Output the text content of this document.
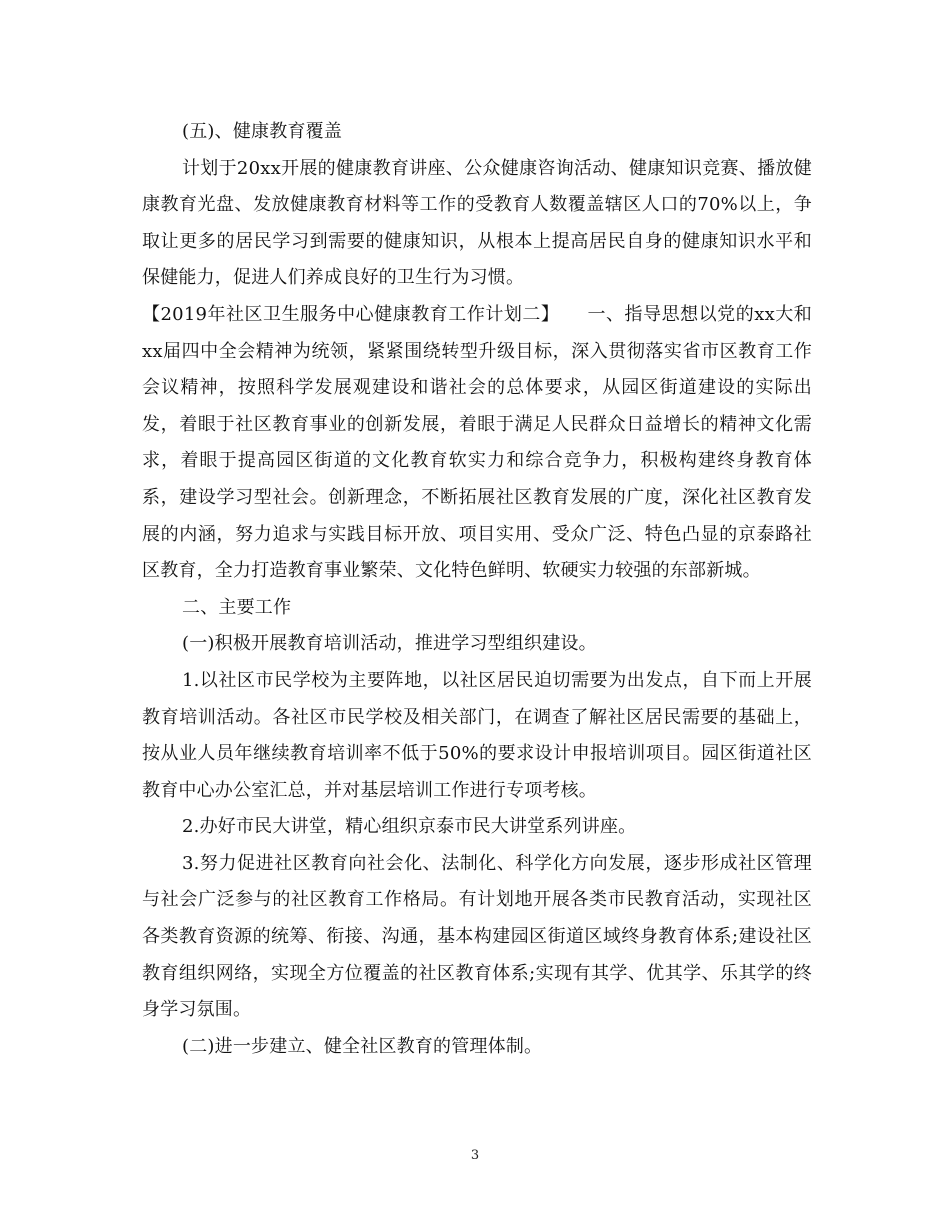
(五)、健康教育覆盖

计划于20xx开展的健康教育讲座、公众健康咨询活动、健康知识竞赛、播放健康教育光盘、发放健康教育材料等工作的受教育人数覆盖辖区人口的70%以上，争取让更多的居民学习到需要的健康知识，从根本上提高居民自身的健康知识水平和保健能力，促进人们养成良好的卫生行为习惯。

【2019年社区卫生服务中心健康教育工作计划二】　　一、指导思想以党的xx大和xx届四中全会精神为统领，紧紧围绕转型升级目标，深入贯彻落实省市区教育工作会议精神，按照科学发展观建设和谐社会的总体要求，从园区街道建设的实际出发，着眼于社区教育事业的创新发展，着眼于满足人民群众日益增长的精神文化需求，着眼于提高园区街道的文化教育软实力和综合竞争力，积极构建终身教育体系，建设学习型社会。创新理念，不断拓展社区教育发展的广度，深化社区教育发展的内涵，努力追求与实践目标开放、项目实用、受众广泛、特色凸显的京泰路社区教育，全力打造教育事业繁荣、文化特色鲜明、软硬实力较强的东部新城。

二、主要工作

(一)积极开展教育培训活动，推进学习型组织建设。

1.以社区市民学校为主要阵地，以社区居民迫切需要为出发点，自下而上开展教育培训活动。各社区市民学校及相关部门，在调查了解社区居民需要的基础上，按从业人员年继续教育培训率不低于50%的要求设计申报培训项目。园区街道社区教育中心办公室汇总，并对基层培训工作进行专项考核。

2.办好市民大讲堂，精心组织京泰市民大讲堂系列讲座。

3.努力促进社区教育向社会化、法制化、科学化方向发展，逐步形成社区管理与社会广泛参与的社区教育工作格局。有计划地开展各类市民教育活动，实现社区各类教育资源的统筹、衔接、沟通，基本构建园区街道区域终身教育体系;建设社区教育组织网络，实现全方位覆盖的社区教育体系;实现有其学、优其学、乐其学的终身学习氛围。

(二)进一步建立、健全社区教育的管理体制。

3
